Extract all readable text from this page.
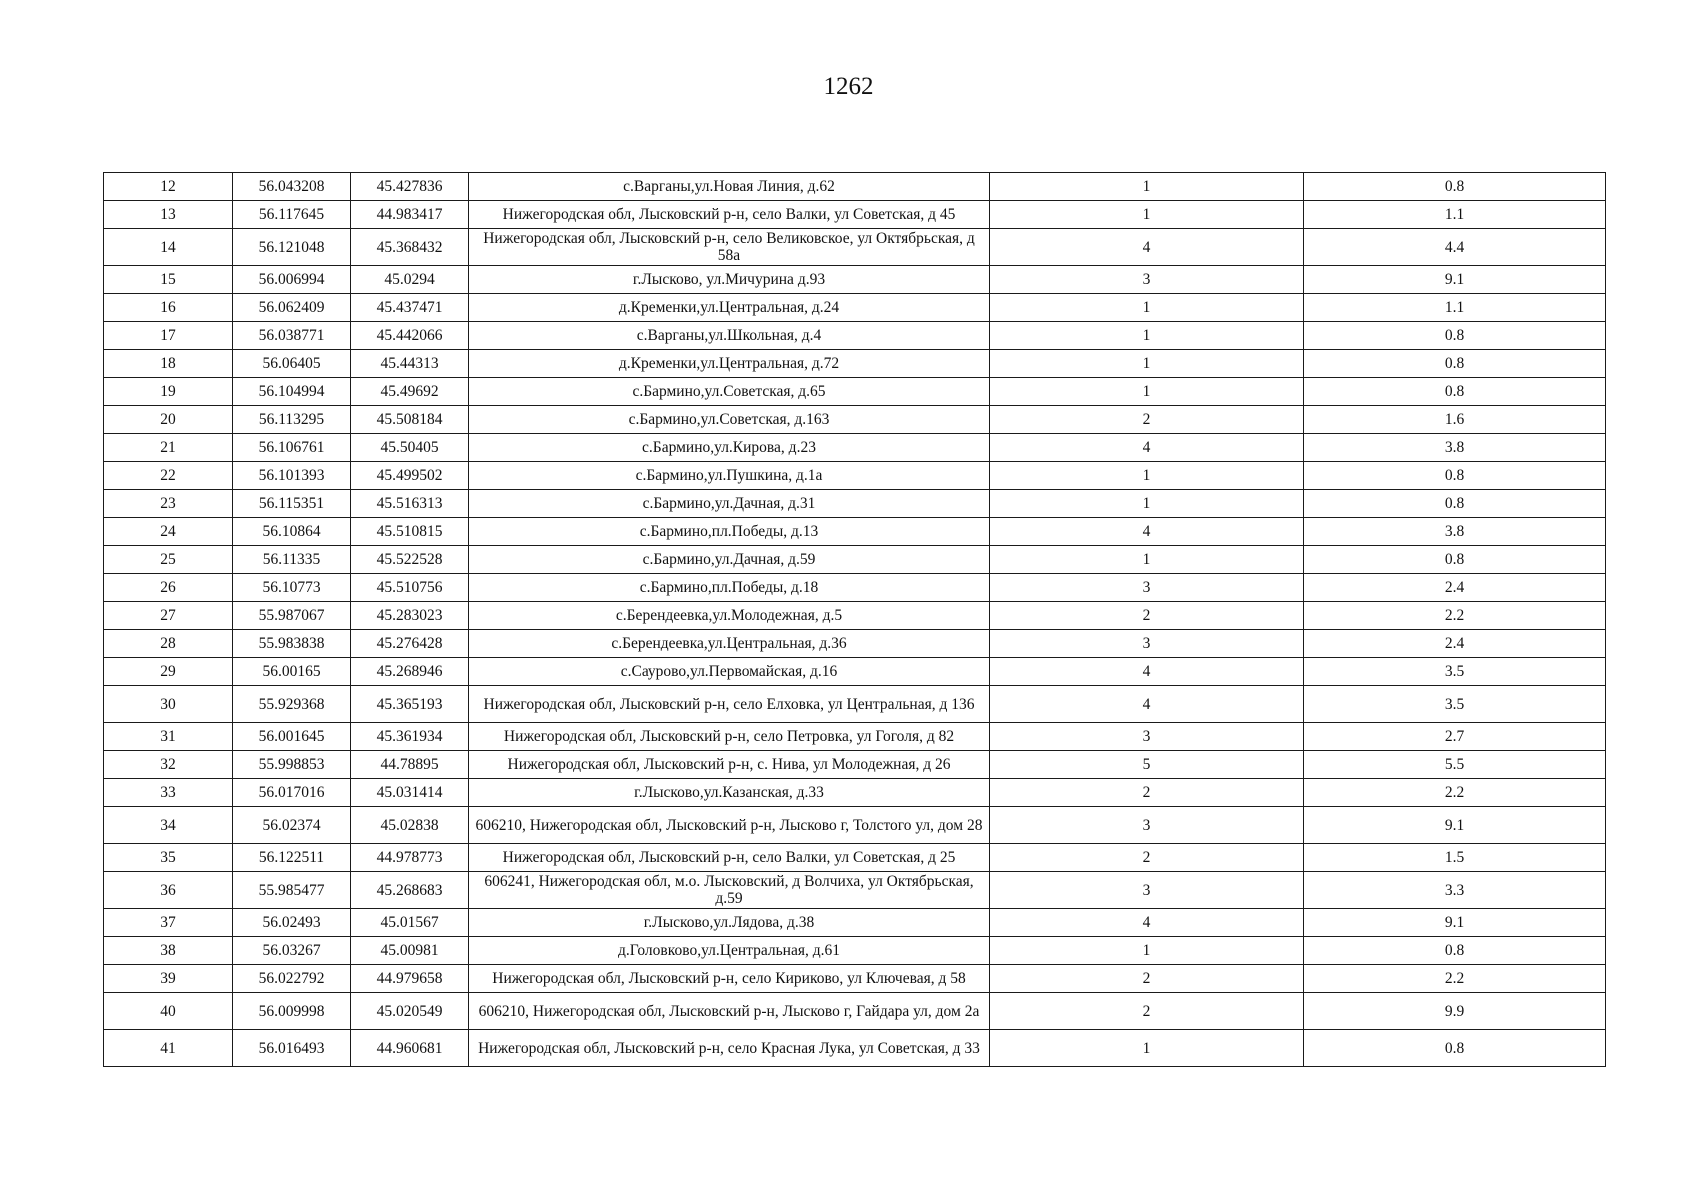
1262
12	56.043208	45.427836	с.Варганы,ул.Новая Линия, д.62	1	0.8
13	56.117645	44.983417	Нижегородская обл, Лысковский р-н, село Валки, ул Советская, д 45	1	1.1
14	56.121048	45.368432	Нижегородская обл, Лысковский р-н, село Великовское, ул Октябрьская, д 58а	4	4.4
15	56.006994	45.0294	г.Лысково, ул.Мичурина д.93	3	9.1
16	56.062409	45.437471	д.Кременки,ул.Центральная, д.24	1	1.1
17	56.038771	45.442066	с.Варганы,ул.Школьная, д.4	1	0.8
18	56.06405	45.44313	д.Кременки,ул.Центральная, д.72	1	0.8
19	56.104994	45.49692	с.Бармино,ул.Советская, д.65	1	0.8
20	56.113295	45.508184	с.Бармино,ул.Советская, д.163	2	1.6
21	56.106761	45.50405	с.Бармино,ул.Кирова, д.23	4	3.8
22	56.101393	45.499502	с.Бармино,ул.Пушкина, д.1а	1	0.8
23	56.115351	45.516313	с.Бармино,ул.Дачная, д.31	1	0.8
24	56.10864	45.510815	с.Бармино,пл.Победы, д.13	4	3.8
25	56.11335	45.522528	с.Бармино,ул.Дачная, д.59	1	0.8
26	56.10773	45.510756	с.Бармино,пл.Победы, д.18	3	2.4
27	55.987067	45.283023	с.Берендеевка,ул.Молодежная, д.5	2	2.2
28	55.983838	45.276428	с.Берендеевка,ул.Центральная, д.36	3	2.4
29	56.00165	45.268946	с.Саурово,ул.Первомайская, д.16	4	3.5
30	55.929368	45.365193	Нижегородская обл, Лысковский р-н, село Елховка, ул Центральная, д 136	4	3.5
31	56.001645	45.361934	Нижегородская обл, Лысковский р-н, село Петровка, ул Гоголя, д 82	3	2.7
32	55.998853	44.78895	Нижегородская обл, Лысковский р-н, с. Нива, ул Молодежная, д 26	5	5.5
33	56.017016	45.031414	г.Лысково,ул.Казанская, д.33	2	2.2
34	56.02374	45.02838	606210, Нижегородская обл, Лысковский р-н, Лысково г, Толстого ул, дом 28	3	9.1
35	56.122511	44.978773	Нижегородская обл, Лысковский р-н, село Валки, ул Советская, д 25	2	1.5
36	55.985477	45.268683	606241, Нижегородская обл, м.о. Лысковский, д Волчиха, ул Октябрьская, д.59	3	3.3
37	56.02493	45.01567	г.Лысково,ул.Лядова, д.38	4	9.1
38	56.03267	45.00981	д.Головково,ул.Центральная, д.61	1	0.8
39	56.022792	44.979658	Нижегородская обл, Лысковский р-н, село Кириково, ул Ключевая, д 58	2	2.2
40	56.009998	45.020549	606210, Нижегородская обл, Лысковский р-н, Лысково г, Гайдара ул, дом 2а	2	9.9
41	56.016493	44.960681	Нижегородская обл, Лысковский р-н, село Красная Лука, ул Советская, д 33	1	0.8
